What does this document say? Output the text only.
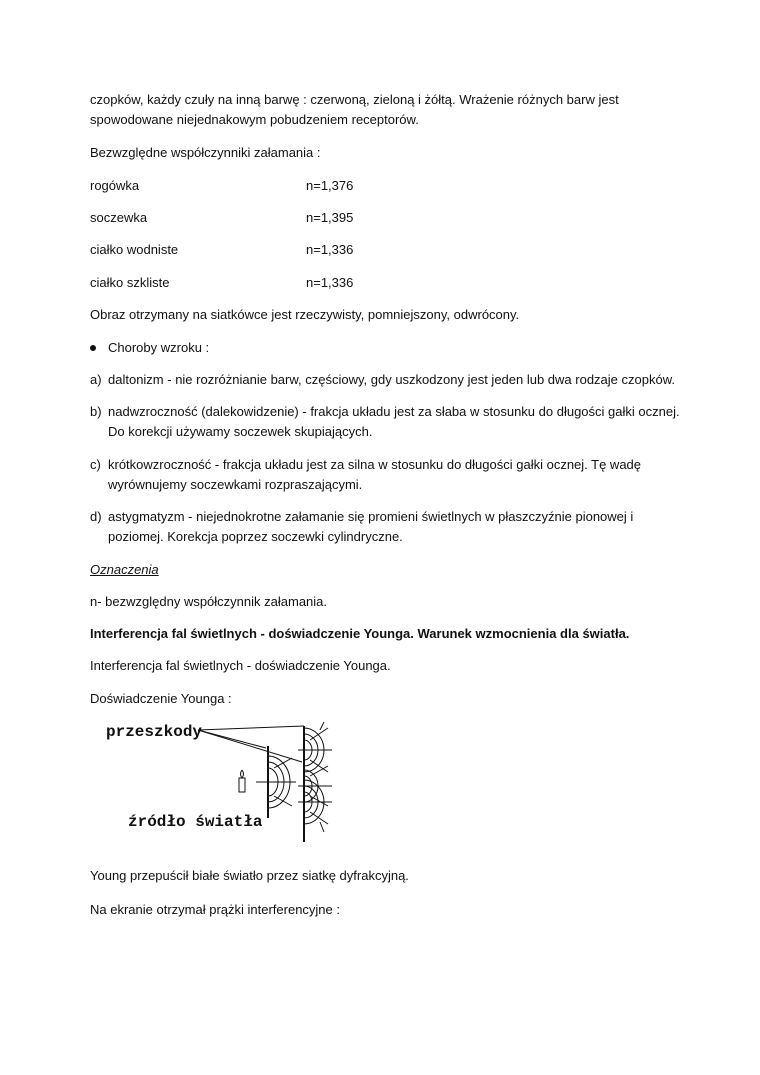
czopków, każdy czuły na inną barwę : czerwoną, zieloną i żółtą. Wrażenie różnych barw jest
spowodowane niejednakowym pobudzeniem receptorów.
Bezwzględne współczynniki załamania :
rogówka	n=1,376
soczewka	n=1,395
ciałko wodniste	n=1,336
ciałko szkliste	n=1,336
Obraz otrzymany na siatkówce jest rzeczywisty, pomniejszony, odwrócony.
Choroby wzroku :
a) daltonizm - nie rozróżnianie barw, częściowy, gdy uszkodzony jest jeden lub dwa rodzaje czopków.
b) nadwzroczność (dalekowidzenie) - frakcja układu jest za słaba w stosunku do długości gałki ocznej.
Do korekcji używamy soczewek skupiających.
c) krótkowzroczność - frakcja układu jest za silna w stosunku do długości gałki ocznej. Tę wadę
wyrównujemy soczewkami rozpraszającymi.
d) astygmatyzm - niejednokrotne załamanie się promieni świetlnych w płaszczyźnie pionowej i
poziomej. Korekcja poprzez soczewki cylindryczne.
Oznaczenia
n- bezwzględny współczynnik załamania.
Interferencja fal świetlnych - doświadczenie Younga. Warunek wzmocnienia dla światła.
Interferencja fal świetlnych - doświadczenie Younga.
Doświadczenie Younga :
przeszkody
źródło światła
Young przepuścił białe światło przez siatkę dyfrakcyjną.
Na ekranie otrzymał prążki interferencyjne :
